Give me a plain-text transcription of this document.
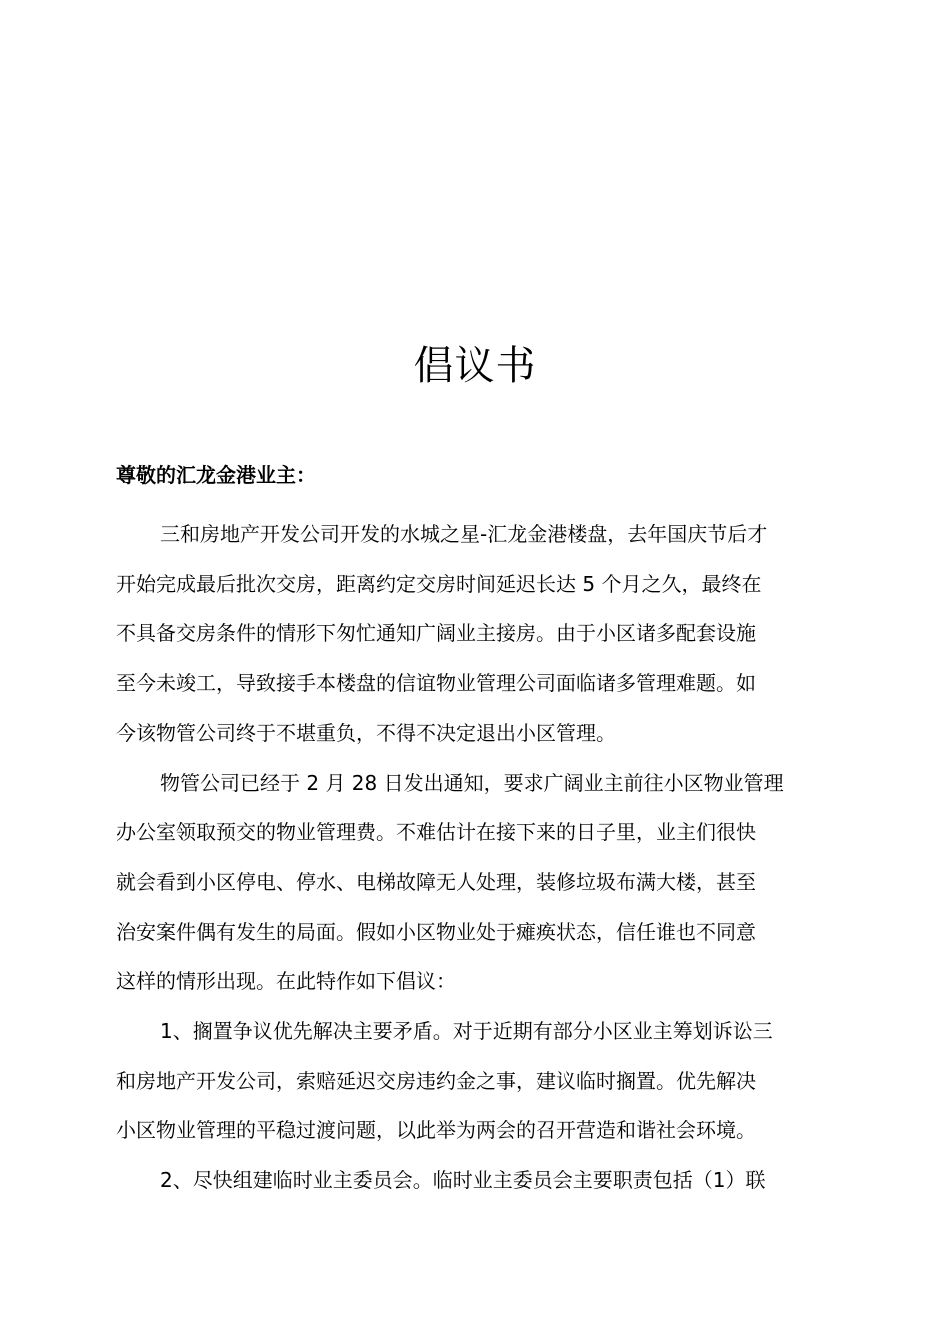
倡议书

尊敬的汇龙金港业主：

三和房地产开发公司开发的水城之星-汇龙金港楼盘，去年国庆节后才
开始完成最后批次交房，距离约定交房时间延迟长达 5 个月之久，最终在
不具备交房条件的情形下匆忙通知广阔业主接房。由于小区诸多配套设施
至今未竣工，导致接手本楼盘的信谊物业管理公司面临诸多管理难题。如
今该物管公司终于不堪重负，不得不决定退出小区管理。
物管公司已经于 2 月 28 日发出通知，要求广阔业主前往小区物业管理
办公室领取预交的物业管理费。不难估计在接下来的日子里，业主们很快
就会看到小区停电、停水、电梯故障无人处理，装修垃圾布满大楼，甚至
治安案件偶有发生的局面。假如小区物业处于瘫痪状态，信任谁也不同意
这样的情形出现。在此特作如下倡议：
1、搁置争议优先解决主要矛盾。对于近期有部分小区业主筹划诉讼三
和房地产开发公司，索赔延迟交房违约金之事，建议临时搁置。优先解决
小区物业管理的平稳过渡问题，以此举为两会的召开营造和谐社会环境。
2、尽快组建临时业主委员会。临时业主委员会主要职责包括（1）联
